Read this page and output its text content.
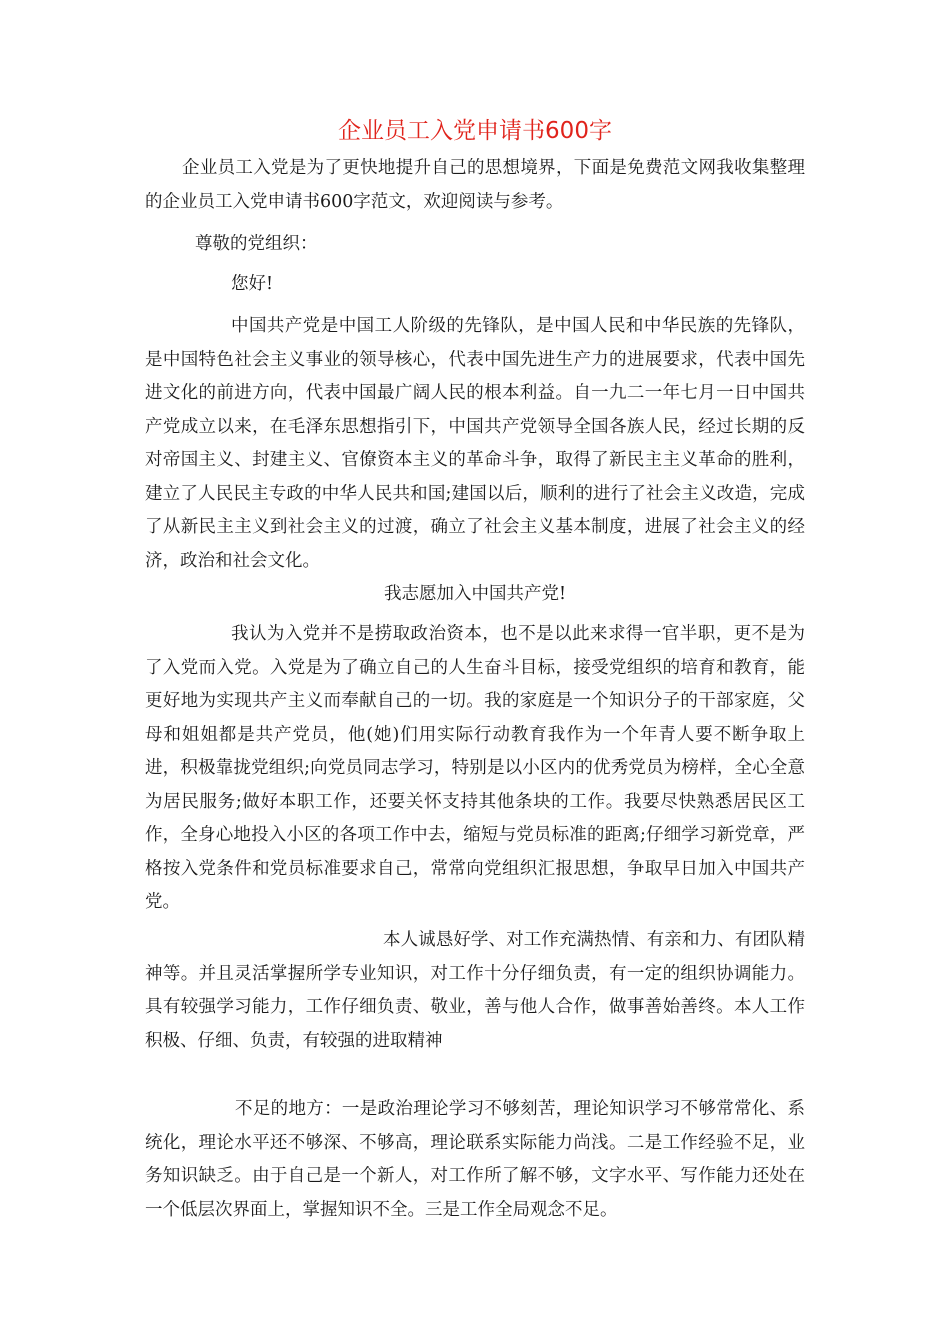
企业员工入党申请书600字

企业员工入党是为了更快地提升自己的思想境界，下面是免费范文网我收集整理的企业员工入党申请书600字范文，欢迎阅读与参考。

尊敬的党组织：

您好!

中国共产党是中国工人阶级的先锋队，是中国人民和中华民族的先锋队，是中国特色社会主义事业的领导核心，代表中国先进生产力的进展要求，代表中国先进文化的前进方向，代表中国最广阔人民的根本利益。自一九二一年七月一日中国共产党成立以来，在毛泽东思想指引下，中国共产党领导全国各族人民，经过长期的反对帝国主义、封建主义、官僚资本主义的革命斗争，取得了新民主主义革命的胜利，建立了人民民主专政的中华人民共和国;建国以后，顺利的进行了社会主义改造，完成了从新民主主义到社会主义的过渡，确立了社会主义基本制度，进展了社会主义的经济，政治和社会文化。

我志愿加入中国共产党!

我认为入党并不是捞取政治资本，也不是以此来求得一官半职，更不是为了入党而入党。入党是为了确立自己的人生奋斗目标，接受党组织的培育和教育，能更好地为实现共产主义而奉献自己的一切。我的家庭是一个知识分子的干部家庭，父母和姐姐都是共产党员，他(她)们用实际行动教育我作为一个年青人要不断争取上进，积极靠拢党组织;向党员同志学习，特别是以小区内的优秀党员为榜样，全心全意为居民服务;做好本职工作，还要关怀支持其他条块的工作。我要尽快熟悉居民区工作，全身心地投入小区的各项工作中去，缩短与党员标准的距离;仔细学习新党章，严格按入党条件和党员标准要求自己，常常向党组织汇报思想，争取早日加入中国共产党。

本人诚恳好学、对工作充满热情、有亲和力、有团队精神等。并且灵活掌握所学专业知识，对工作十分仔细负责，有一定的组织协调能力。具有较强学习能力，工作仔细负责、敬业，善与他人合作，做事善始善终。本人工作积极、仔细、负责，有较强的进取精神

不足的地方：一是政治理论学习不够刻苦，理论知识学习不够常常化、系统化，理论水平还不够深、不够高，理论联系实际能力尚浅。二是工作经验不足，业务知识缺乏。由于自己是一个新人，对工作所了解不够，文字水平、写作能力还处在一个低层次界面上，掌握知识不全。三是工作全局观念不足。
